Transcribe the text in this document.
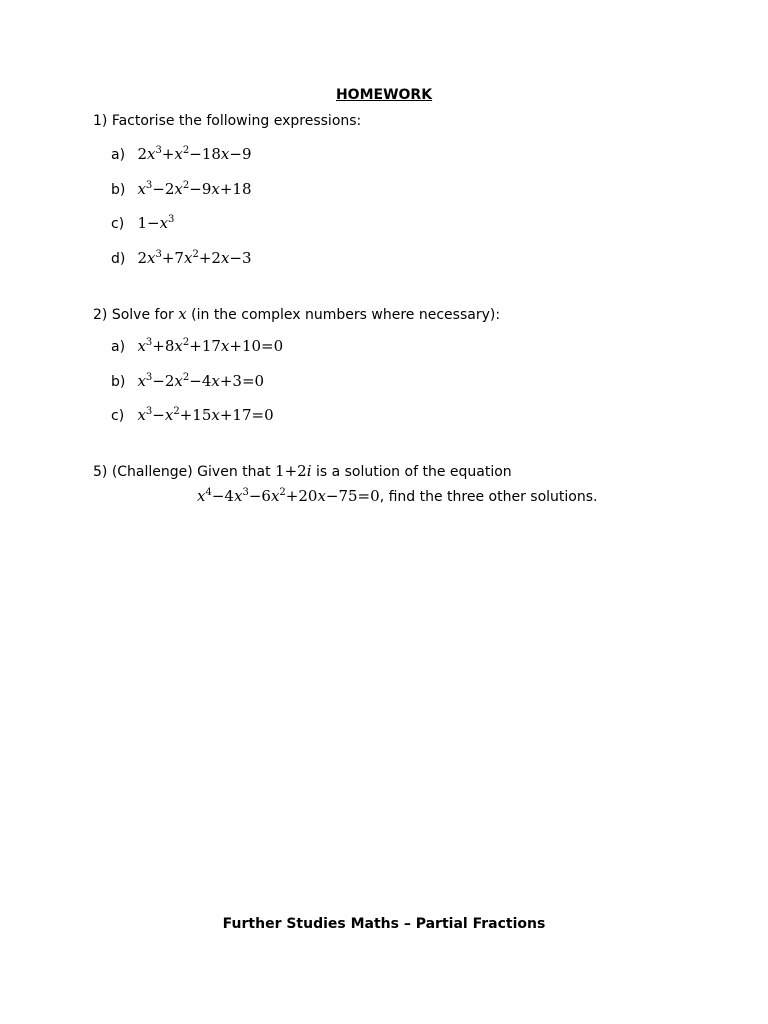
HOMEWORK
1) Factorise the following expressions:
a) $2x^3+x^2-18x-9$
b) $x^3-2x^2-9x+18$
c) $1-x^3$
d) $2x^3+7x^2+2x-3$
2) Solve for x (in the complex numbers where necessary):
a) $x^3+8x^2+17x+10=0$
b) $x^3-2x^2-4x+3=0$
c) $x^3-x^2+15x+17=0$
5) (Challenge) Given that 1+2i is a solution of the equation
$x^4-4x^3-6x^2+20x-75=0$, find the three other solutions.
Further Studies Maths – Partial Fractions
